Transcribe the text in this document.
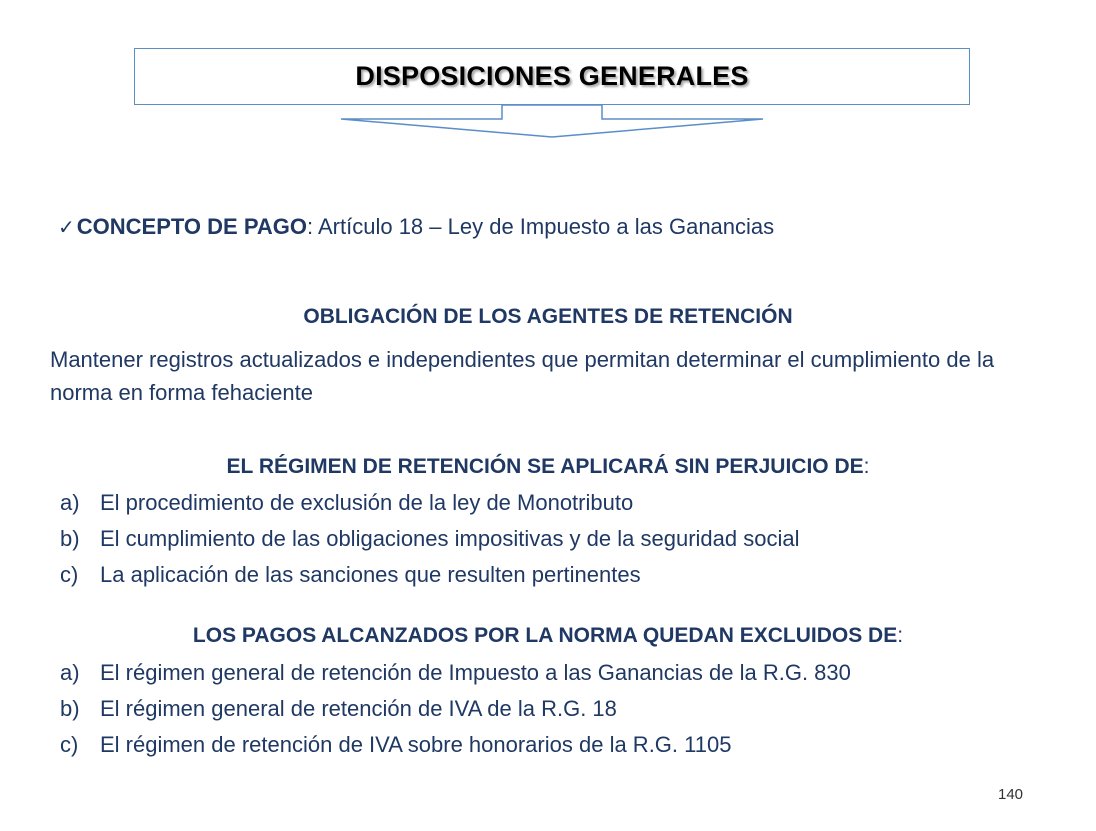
DISPOSICIONES GENERALES
✓CONCEPTO DE PAGO: Artículo 18 – Ley de Impuesto a las Ganancias
OBLIGACIÓN DE LOS AGENTES DE RETENCIÓN
Mantener registros actualizados e independientes que permitan determinar el cumplimiento de la norma en forma fehaciente
EL RÉGIMEN DE RETENCIÓN SE APLICARÁ SIN PERJUICIO DE:
a) El procedimiento de exclusión de la ley de Monotributo
b) El cumplimiento de las obligaciones impositivas y de la seguridad social
c) La aplicación de las sanciones que resulten pertinentes
LOS PAGOS ALCANZADOS POR LA NORMA QUEDAN EXCLUIDOS DE:
a) El régimen general de retención de Impuesto a las Ganancias de la R.G. 830
b) El régimen general de retención de IVA de la R.G. 18
c) El régimen de retención de IVA sobre honorarios de la R.G. 1105
140
